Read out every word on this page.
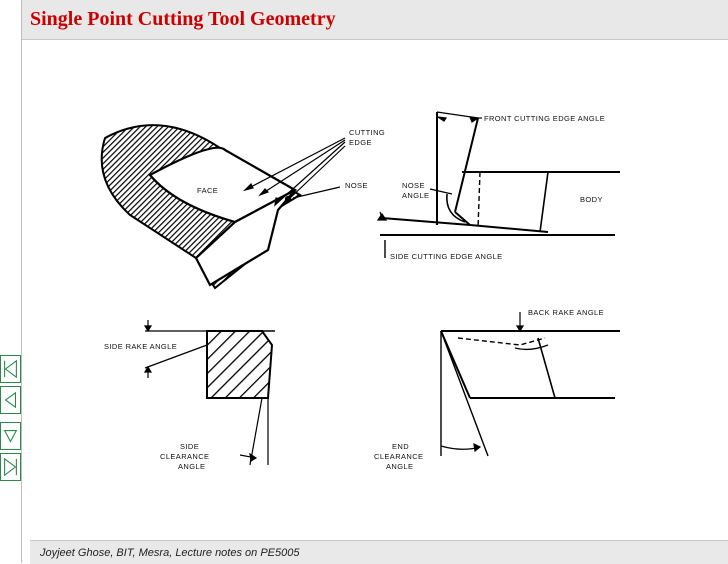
Single Point Cutting Tool Geometry
CUTTING
EDGE
FACE
NOSE
FRONT CUTTING EDGE ANGLE
NOSE
ANGLE	BODY
SIDE CUTTING EDGE ANGLE
SIDE RAKE ANGLE
SIDE
CLEARANCE
ANGLE
BACK RAKE ANGLE
END
CLEARANCE
ANGLE
Joyjeet Ghose, BIT, Mesra, Lecture notes on PE5005
